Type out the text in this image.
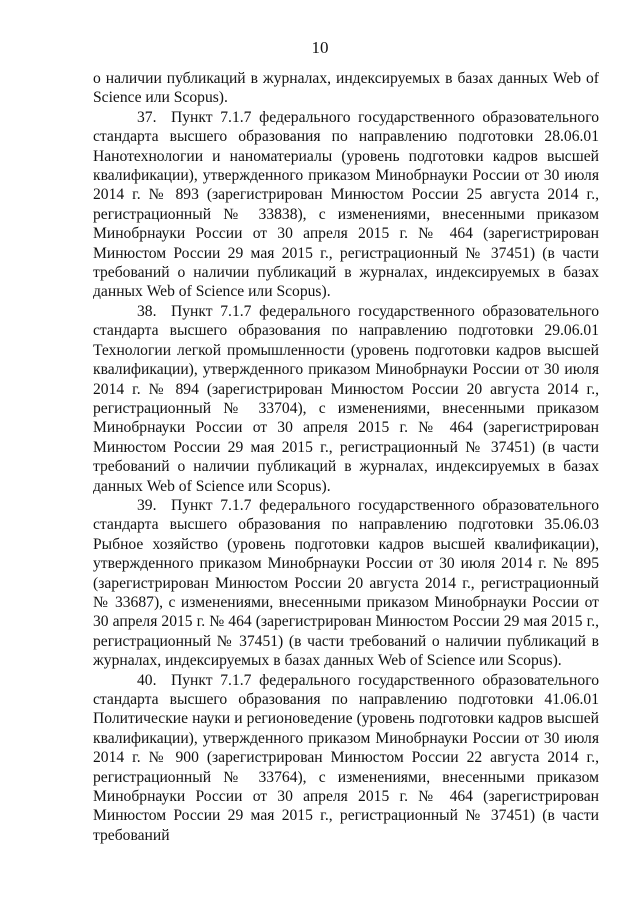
10

о наличии публикаций в журналах, индексируемых в базах данных Web of Science или Scopus).

37. Пункт 7.1.7 федерального государственного образовательного стандарта высшего образования по направлению подготовки 28.06.01 Нанотехнологии и наноматериалы (уровень подготовки кадров высшей квалификации), утвержденного приказом Минобрнауки России от 30 июля 2014 г. № 893 (зарегистрирован Минюстом России 25 августа 2014 г., регистрационный № 33838), с изменениями, внесенными приказом Минобрнауки России от 30 апреля 2015 г. № 464 (зарегистрирован Минюстом России 29 мая 2015 г., регистрационный № 37451) (в части требований о наличии публикаций в журналах, индексируемых в базах данных Web of Science или Scopus).

38. Пункт 7.1.7 федерального государственного образовательного стандарта высшего образования по направлению подготовки 29.06.01 Технологии легкой промышленности (уровень подготовки кадров высшей квалификации), утвержденного приказом Минобрнауки России от 30 июля 2014 г. № 894 (зарегистрирован Минюстом России 20 августа 2014 г., регистрационный № 33704), с изменениями, внесенными приказом Минобрнауки России от 30 апреля 2015 г. № 464 (зарегистрирован Минюстом России 29 мая 2015 г., регистрационный № 37451) (в части требований о наличии публикаций в журналах, индексируемых в базах данных Web of Science или Scopus).

39. Пункт 7.1.7 федерального государственного образовательного стандарта высшего образования по направлению подготовки 35.06.03 Рыбное хозяйство (уровень подготовки кадров высшей квалификации), утвержденного приказом Минобрнауки России от 30 июля 2014 г. № 895 (зарегистрирован Минюстом России 20 августа 2014 г., регистрационный № 33687), с изменениями, внесенными приказом Минобрнауки России от 30 апреля 2015 г. № 464 (зарегистрирован Минюстом России 29 мая 2015 г., регистрационный № 37451) (в части требований о наличии публикаций в журналах, индексируемых в базах данных Web of Science или Scopus).

40. Пункт 7.1.7 федерального государственного образовательного стандарта высшего образования по направлению подготовки 41.06.01 Политические науки и регионоведение (уровень подготовки кадров высшей квалификации), утвержденного приказом Минобрнауки России от 30 июля 2014 г. № 900 (зарегистрирован Минюстом России 22 августа 2014 г., регистрационный № 33764), с изменениями, внесенными приказом Минобрнауки России от 30 апреля 2015 г. № 464 (зарегистрирован Минюстом России 29 мая 2015 г., регистрационный № 37451) (в части требований
